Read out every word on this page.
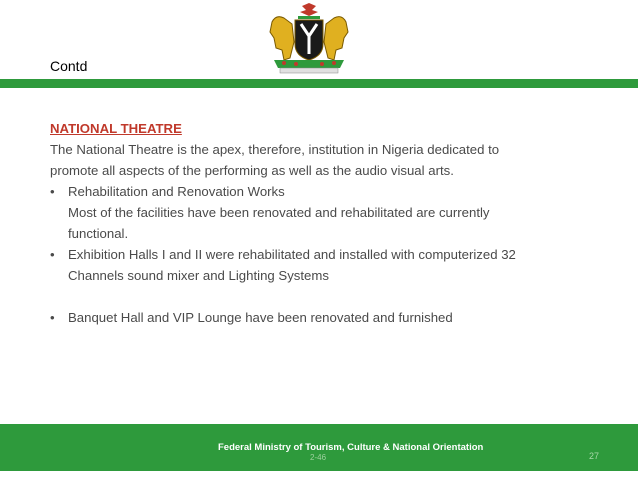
Contd
NATIONAL THEATRE
The National Theatre is the apex, therefore, institution in Nigeria dedicated to
promote all aspects of the performing as well as the audio visual arts.
•	Rehabilitation and Renovation Works
Most of the facilities have been renovated and rehabilitated are currently
functional.
•	Exhibition Halls I and II were rehabilitated and installed with computerized 32
Channels sound mixer and Lighting Systems
•	Banquet Hall and VIP Lounge have been renovated and furnished
Federal Ministry of Tourism, Culture & National Orientation
2-46	27
